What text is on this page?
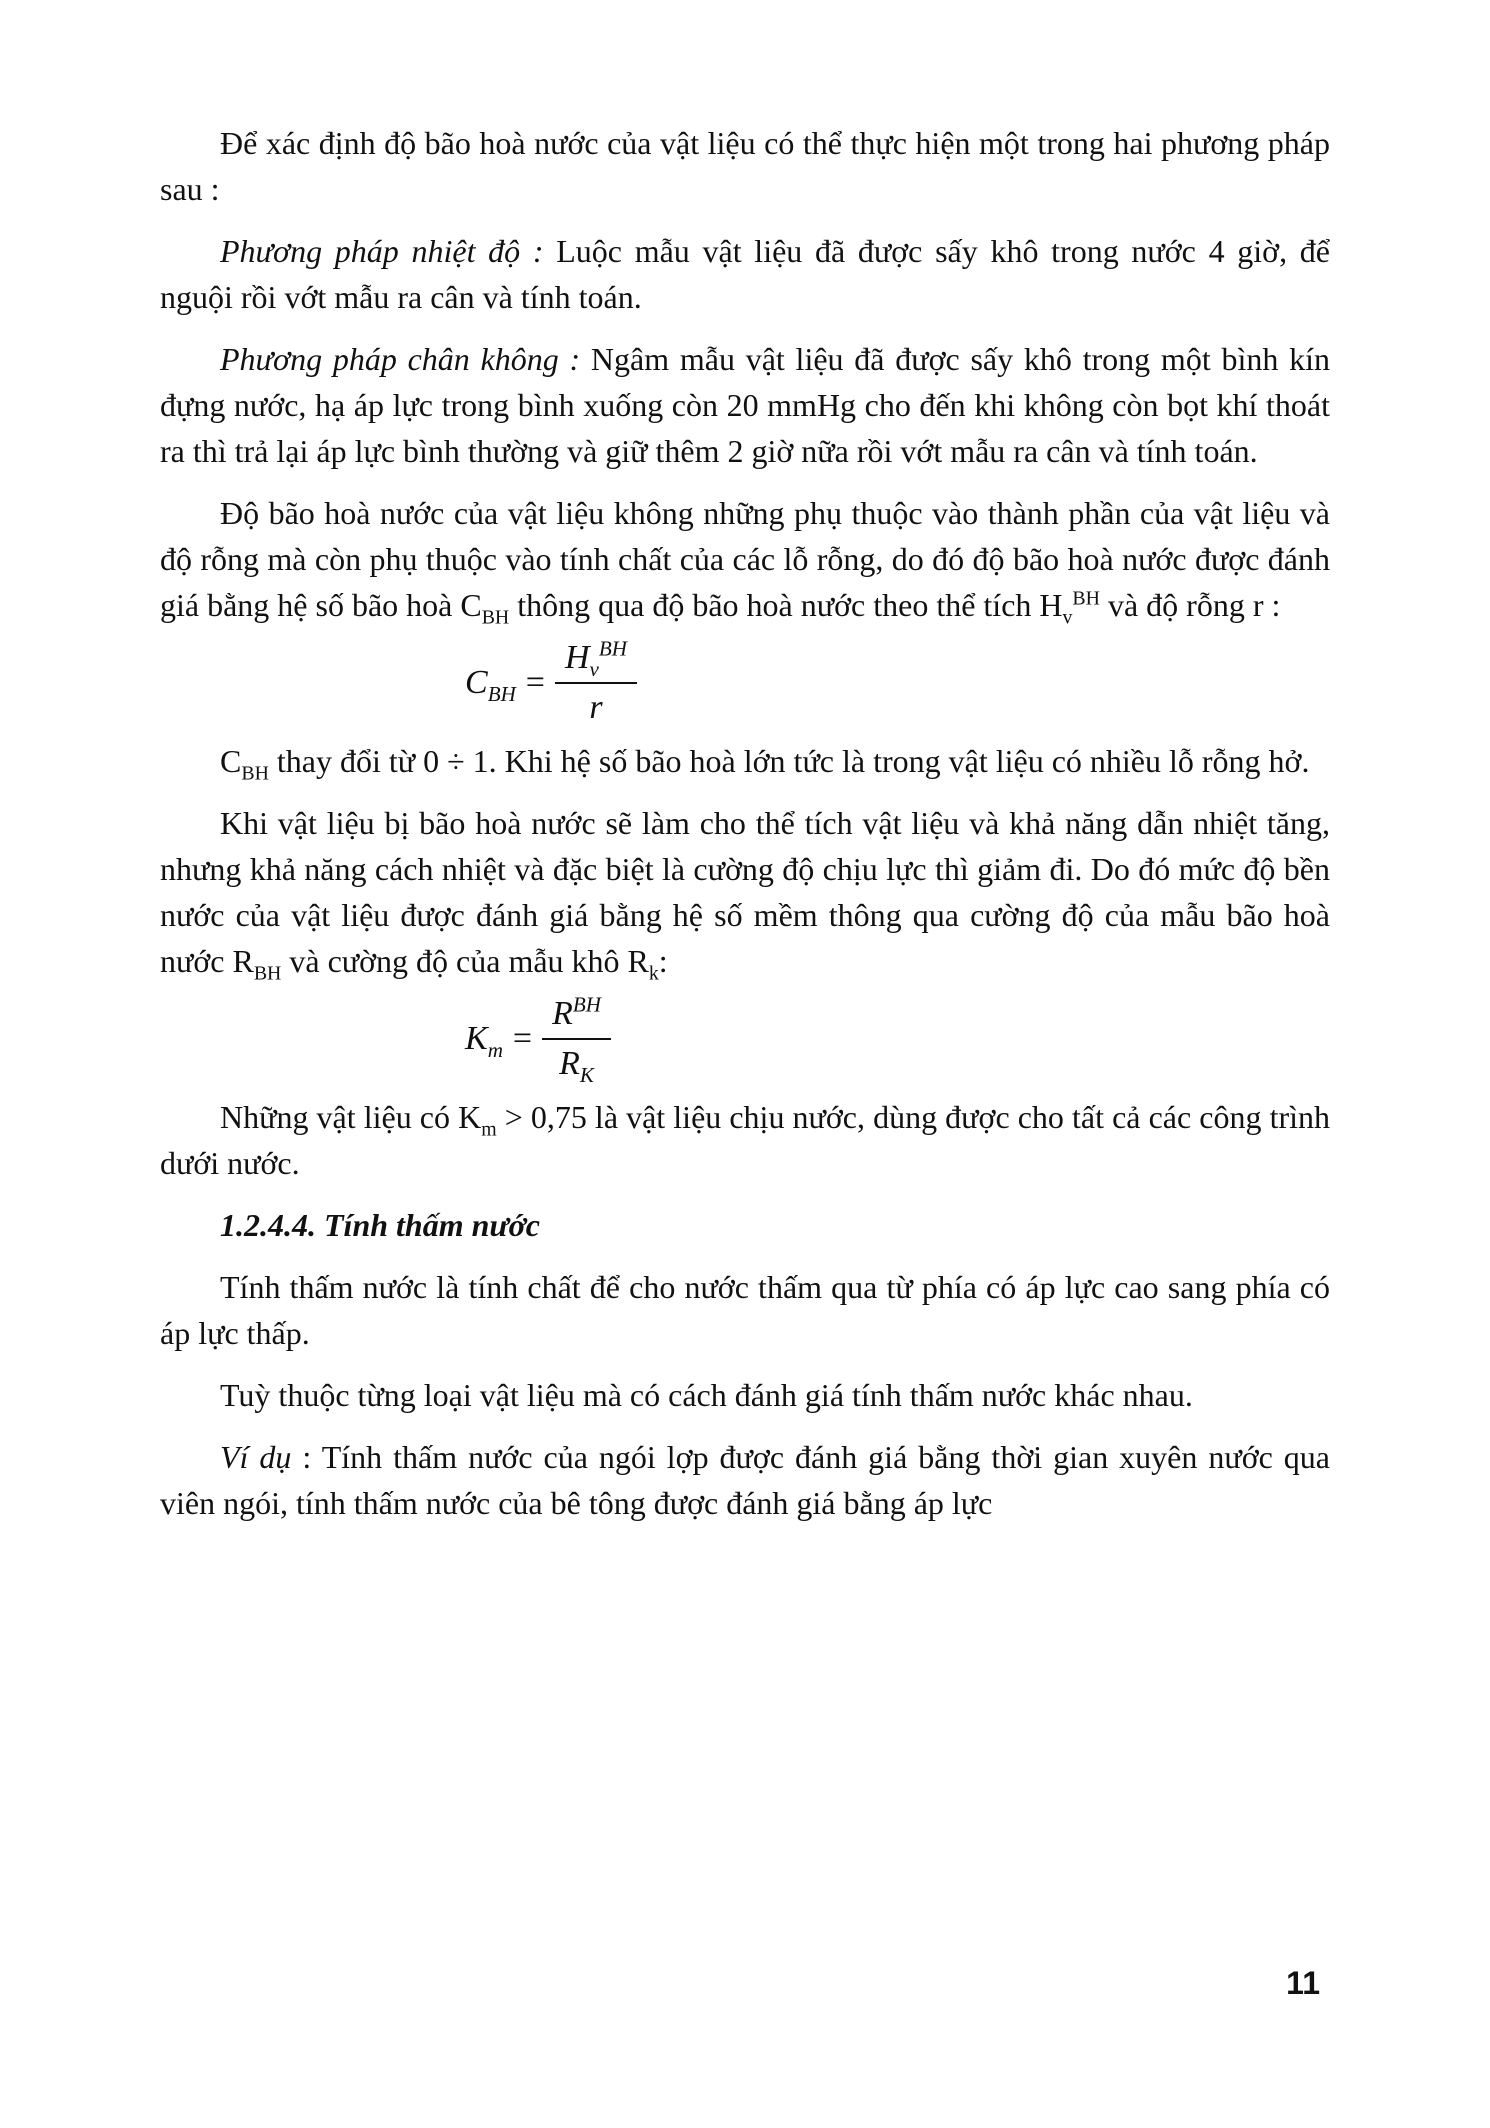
Để xác định độ bão hoà nước của vật liệu có thể thực hiện một trong hai phương pháp sau :

Phương pháp nhiệt độ : Luộc mẫu vật liệu đã được sấy khô trong nước 4 giờ, để nguội rồi vớt mẫu ra cân và tính toán.

Phương pháp chân không : Ngâm mẫu vật liệu đã được sấy khô trong một bình kín đựng nước, hạ áp lực trong bình xuống còn 20 mmHg cho đến khi không còn bọt khí thoát ra thì trả lại áp lực bình thường và giữ thêm 2 giờ nữa rồi vớt mẫu ra cân và tính toán.

Độ bão hoà nước của vật liệu không những phụ thuộc vào thành phần của vật liệu và độ rỗng mà còn phụ thuộc vào tính chất của các lỗ rỗng, do đó độ bão hoà nước được đánh giá bằng hệ số bão hoà $C_{BH}$ thông qua độ bão hoà nước theo thể tích $H_v^{BH}$ và độ rỗng r :

$C_{BH} = \frac{H_v^{BH}}{r}$

$C_{BH}$ thay đổi từ 0 ÷ 1. Khi hệ số bão hoà lớn tức là trong vật liệu có nhiều lỗ rỗng hở.

Khi vật liệu bị bão hoà nước sẽ làm cho thể tích vật liệu và khả năng dẫn nhiệt tăng, nhưng khả năng cách nhiệt và đặc biệt là cường độ chịu lực thì giảm đi. Do đó mức độ bền nước của vật liệu được đánh giá bằng hệ số mềm thông qua cường độ của mẫu bão hoà nước $R_{BH}$ và cường độ của mẫu khô $R_k$:

$K_m = \frac{R^{BH}}{R_K}$

Những vật liệu có $K_m > 0,75$ là vật liệu chịu nước, dùng được cho tất cả các công trình dưới nước.

1.2.4.4. Tính thấm nước

Tính thấm nước là tính chất để cho nước thấm qua từ phía có áp lực cao sang phía có áp lực thấp.

Tuỳ thuộc từng loại vật liệu mà có cách đánh giá tính thấm nước khác nhau.

Ví dụ : Tính thấm nước của ngói lợp được đánh giá bằng thời gian xuyên nước qua viên ngói, tính thấm nước của bê tông được đánh giá bằng áp lực

11
